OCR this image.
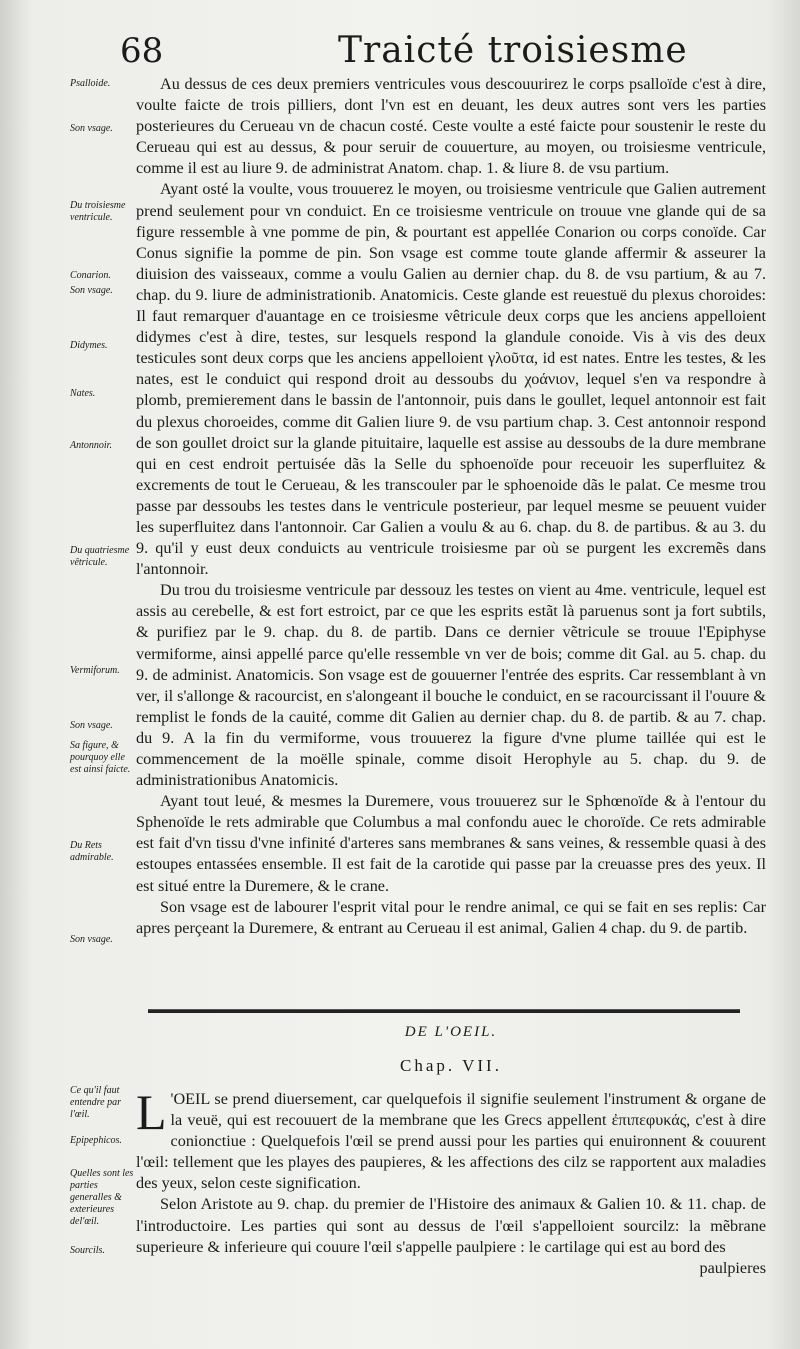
68	Traicté troisiesme
Psalloide.
Son vsage.
Du troisiesme ventricule.
Conarion.
Son vsage.
Didymes.
Nates.
Antonnoir.
Du quatriesme vêtricule.
Vermiforum.
Son vsage.
Sa figure, & pourquoy elle est ainsi faicte.
Du Rets admirable.
Son vsage.
Ce qu'il faut entendre par l'œil.
Epipephicos.
Quelles sont les parties generalles & exterieures del'œil.
Sourcils.

Au dessus de ces deux premiers ventricules vous descouurirez le corps psalloïde c'est à dire, voulte faicte de trois pilliers, dont l'vn est en deuant, les deux autres sont vers les parties posterieures du Cerueau vn de chacun costé. Ceste voulte a esté faicte pour soustenir le reste du Cerueau qui est au dessus, & pour seruir de couuerture, au moyen, ou troisiesme ventricule, comme il est au liure 9. de administrat Anatom. chap. 1. & liure 8. de vsu partium.

Ayant osté la voulte, vous trouuerez le moyen, ou troisiesme ventricule que Galien autrement prend seulement pour vn conduict. En ce troisiesme ventricule on trouue vne glande qui de sa figure ressemble à vne pomme de pin, & pourtant est appellée Conarion ou corps conoïde. Car Conus signifie la pomme de pin. Son vsage est comme toute glande affermir & asseurer la diuision des vaisseaux, comme a voulu Galien au dernier chap. du 8. de vsu partium, & au 7. chap. du 9. liure de administrationib. Anatomicis. Ceste glande est reuestuë du plexus choroides: Il faut remarquer d'auantage en ce troisiesme vêtricule deux corps que les anciens appelloient didymes c'est à dire, testes, sur lesquels respond la glandule conoide. Vis à vis des deux testicules sont deux corps que les anciens appelloient γλοῦτα, id est nates. Entre les testes, & les nates, est le conduict qui respond droit au dessoubs du χοάνιον, lequel s'en va respondre à plomb, premierement dans le bassin de l'antonnoir, puis dans le goullet, lequel antonnoir est fait du plexus choroeides, comme dit Galien liure 9. de vsu partium chap. 3. Cest antonnoir respond de son goullet droict sur la glande pituitaire, laquelle est assise au dessoubs de la dure membrane qui en cest endroit pertuisée dãs la Selle du sphoenoïde pour receuoir les superfluitez & excrements de tout le Cerueau, & les transcouler par le sphoenoide dãs le palat. Ce mesme trou passe par dessoubs les testes dans le ventricule posterieur, par lequel mesme se peuuent vuider les superfluitez dans l'antonnoir. Car Galien a voulu & au 6. chap. du 8. de partibus. & au 3. du 9. qu'il y eust deux conduicts au ventricule troisiesme par où se purgent les excremẽs dans l'antonnoir.

Du trou du troisiesme ventricule par dessouz les testes on vient au 4me. ventricule, lequel est assis au cerebelle, & est fort estroict, par ce que les esprits estãt là paruenus sont ja fort subtils, & purifiez par le 9. chap. du 8. de partib. Dans ce dernier vẽtricule se trouue l'Epiphyse vermiforme, ainsi appellé parce qu'elle ressemble vn ver de bois; comme dit Gal. au 5. chap. du 9. de administ. Anatomicis. Son vsage est de gouuerner l'entrée des esprits. Car ressemblant à vn ver, il s'allonge & racourcist, en s'alongeant il bouche le conduict, en se racourcissant il l'ouure & remplist le fonds de la cauité, comme dit Galien au dernier chap. du 8. de partib. & au 7. chap. du 9. A la fin du vermiforme, vous trouuerez la figure d'vne plume taillée qui est le commencement de la moëlle spinale, comme disoit Herophyle au 5. chap. du 9. de administrationibus Anatomicis.

Ayant tout leué, & mesmes la Duremere, vous trouuerez sur le Sphœnoïde & à l'entour du Sphenoïde le rets admirable que Columbus a mal confondu auec le choroïde. Ce rets admirable est fait d'vn tissu d'vne infinité d'arteres sans membranes & sans veines, & ressemble quasi à des estoupes entassées ensemble. Il est fait de la carotide qui passe par la creuasse pres des yeux. Il est situé entre la Duremere, & le crane.

Son vsage est de labourer l'esprit vital pour le rendre animal, ce qui se fait en ses replis: Car apres perçeant la Duremere, & entrant au Cerueau il est animal, Galien 4 chap. du 9. de partib.

DE L'OEIL.
Chap. VII.

L 'OEIL se prend diuersement, car quelquefois il signifie seulement l'instrument & organe de la veuë, qui est recouuert de la membrane que les Grecs appellent ἐπιπεφυκάς, c'est à dire conionctiue : Quelquefois l'œil se prend aussi pour les parties qui enuironnent & couurent l'œil: tellement que les playes des paupieres, & les affections des cilz se rapportent aux maladies des yeux, selon ceste signification.

Selon Aristote au 9. chap. du premier de l'Histoire des animaux & Galien 10. & 11. chap. de l'introductoire. Les parties qui sont au dessus de l'œil s'appelloient sourcilz: la mẽbrane superieure & inferieure qui couure l'œil s'appelle paulpiere : le cartilage qui est au bord des

paulpieres
